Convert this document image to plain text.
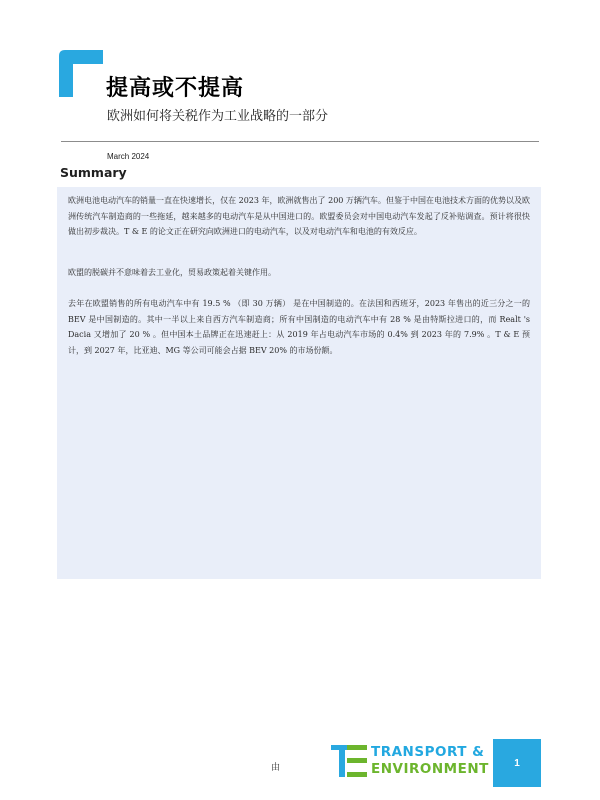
提高或不提高
欧洲如何将关税作为工业战略的一部分
March 2024
Summary

欧洲电池电动汽车的销量一直在快速增长，仅在 2023 年，欧洲就售出了 200 万辆汽车。但鉴于中国在电池技术方面的优势以及欧洲传统汽车制造商的一些拖延，越来越多的电动汽车是从中国进口的。欧盟委员会对中国电动汽车发起了反补贴调查。预计将很快做出初步裁决。T & E 的论文正在研究向欧洲进口的电动汽车，以及对电动汽车和电池的有效反应。

欧盟的脱碳并不意味着去工业化，贸易政策起着关键作用。

去年在欧盟销售的所有电动汽车中有 19.5 % （即 30 万辆） 是在中国制造的。在法国和西班牙，2023 年售出的近三分之一的 BEV 是中国制造的。其中一半以上来自西方汽车制造商；所有中国制造的电动汽车中有 28 % 是由特斯拉进口的，而 Realt 's Dacia 又增加了 20 % 。但中国本土品牌正在迅速赶上：从 2019 年占电动汽车市场的 0.4% 到 2023 年的 7.9% 。T & E 预计，到 2027 年，比亚迪、MG 等公司可能会占据 BEV 20% 的市场份额。

由
TRANSPORT &
ENVIRONMENT	1
